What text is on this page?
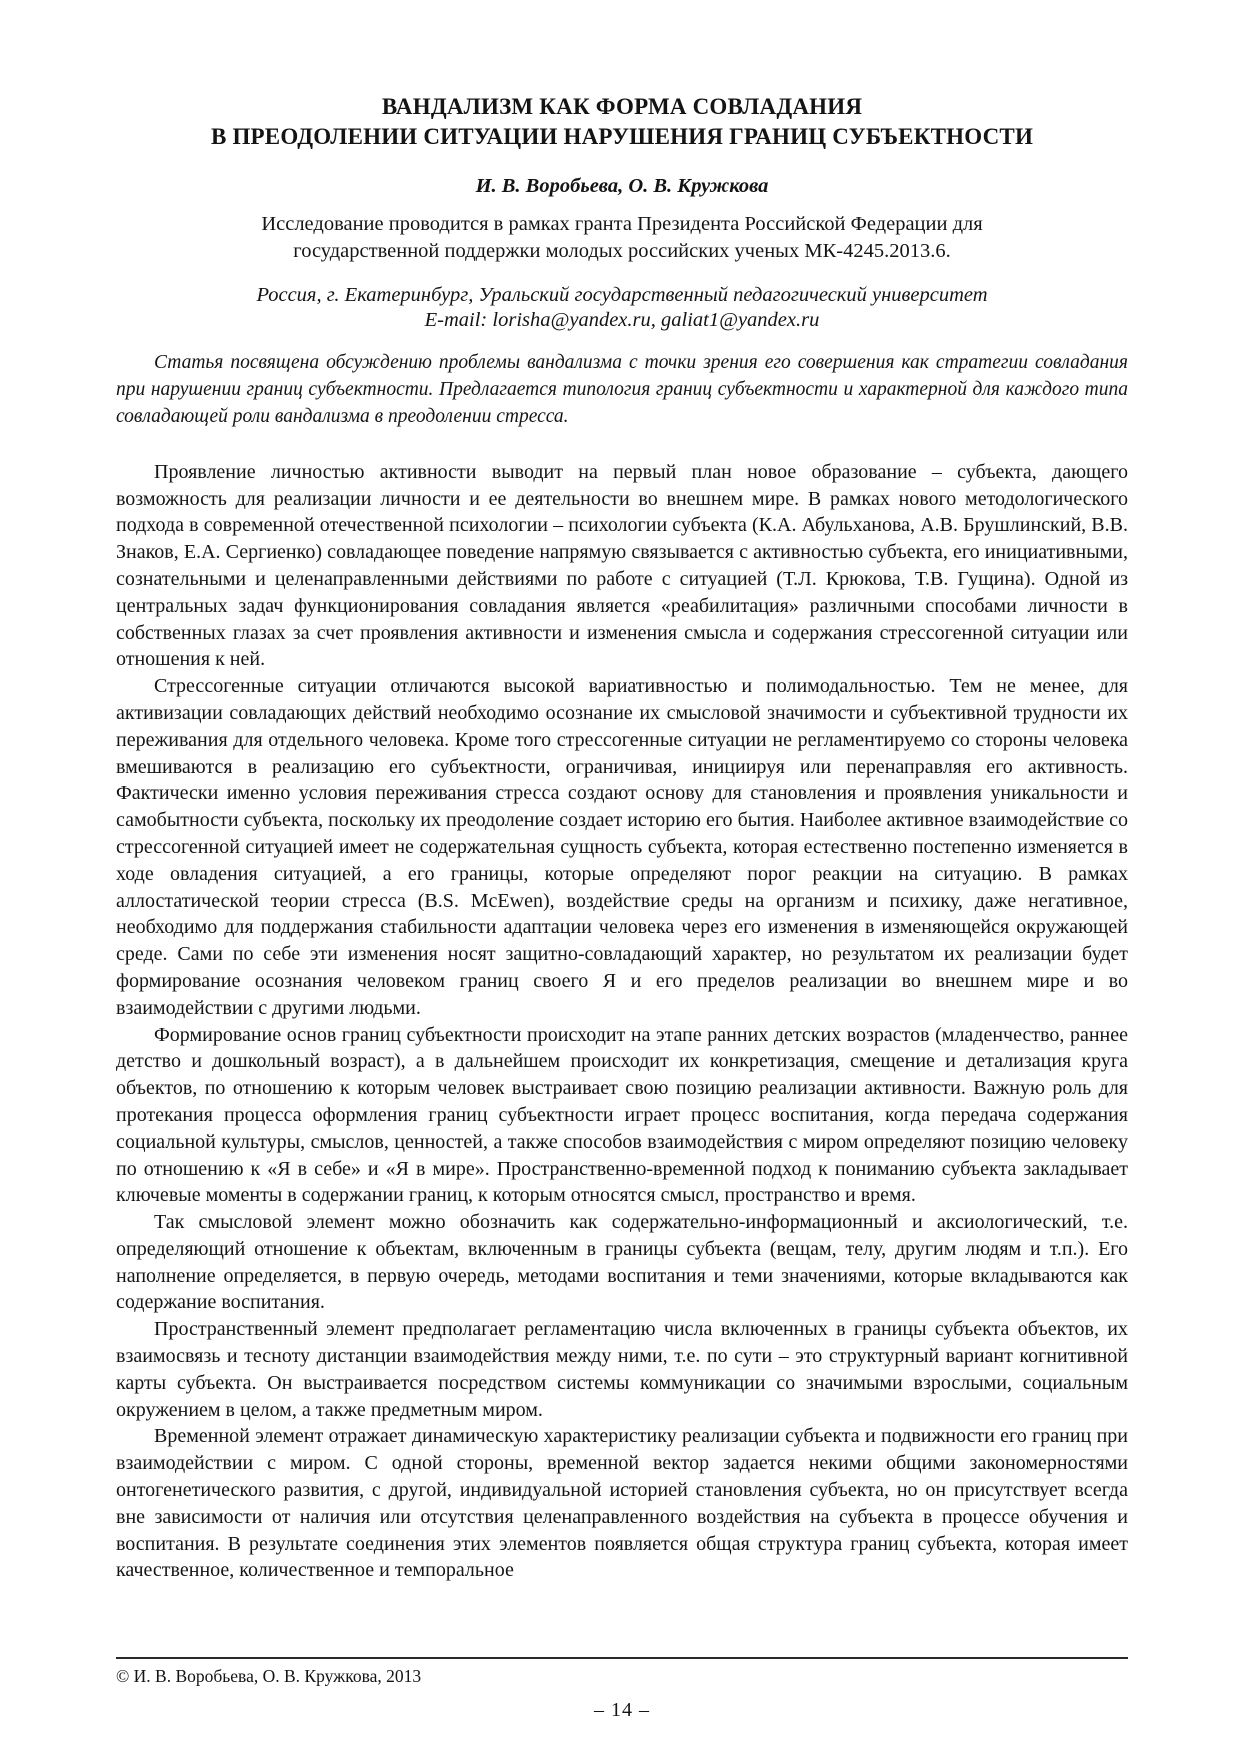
ВАНДАЛИЗМ КАК ФОРМА СОВЛАДАНИЯ
В ПРЕОДОЛЕНИИ СИТУАЦИИ НАРУШЕНИЯ ГРАНИЦ СУБЪЕКТНОСТИ
И. В. Воробьева, О. В. Кружкова
Исследование проводится в рамках гранта Президента Российской Федерации для государственной поддержки молодых российских ученых МК-4245.2013.6.
Россия, г. Екатеринбург, Уральский государственный педагогический университет
E-mail: lorisha@yandex.ru, galiat1@yandex.ru
Статья посвящена обсуждению проблемы вандализма с точки зрения его совершения как стратегии совладания при нарушении границ субъектности. Предлагается типология границ субъектности и характерной для каждого типа совладающей роли вандализма в преодолении стресса.

Проявление личностью активности выводит на первый план новое образование – субъекта, дающего возможность для реализации личности и ее деятельности во внешнем мире. В рамках нового методологического подхода в современной отечественной психологии – психологии субъекта (К.А. Абульханова, А.В. Брушлинский, В.В. Знаков, Е.А. Сергиенко) совладающее поведение напрямую связывается с активностью субъекта, его инициативными, сознательными и целенаправленными действиями по работе с ситуацией (Т.Л. Крюкова, Т.В. Гущина). Одной из центральных задач функционирования совладания является «реабилитация» различными способами личности в собственных глазах за счет проявления активности и изменения смысла и содержания стрессогенной ситуации или отношения к ней.

Стрессогенные ситуации отличаются высокой вариативностью и полимодальностью. Тем не менее, для активизации совладающих действий необходимо осознание их смысловой значимости и субъективной трудности их переживания для отдельного человека. Кроме того стрессогенные ситуации не регламентируемо со стороны человека вмешиваются в реализацию его субъектности, ограничивая, инициируя или перенаправляя его активность. Фактически именно условия переживания стресса создают основу для становления и проявления уникальности и самобытности субъекта, поскольку их преодоление создает историю его бытия. Наиболее активное взаимодействие со стрессогенной ситуацией имеет не содержательная сущность субъекта, которая естественно постепенно изменяется в ходе овладения ситуацией, а его границы, которые определяют порог реакции на ситуацию. В рамках аллостатической теории стресса (B.S. McEwen), воздействие среды на организм и психику, даже негативное, необходимо для поддержания стабильности адаптации человека через его изменения в изменяющейся окружающей среде. Сами по себе эти изменения носят защитно-совладающий характер, но результатом их реализации будет формирование осознания человеком границ своего Я и его пределов реализации во внешнем мире и во взаимодействии с другими людьми.

Формирование основ границ субъектности происходит на этапе ранних детских возрастов (младенчество, раннее детство и дошкольный возраст), а в дальнейшем происходит их конкретизация, смещение и детализация круга объектов, по отношению к которым человек выстраивает свою позицию реализации активности. Важную роль для протекания процесса оформления границ субъектности играет процесс воспитания, когда передача содержания социальной культуры, смыслов, ценностей, а также способов взаимодействия с миром определяют позицию человеку по отношению к «Я в себе» и «Я в мире». Пространственно-временной подход к пониманию субъекта закладывает ключевые моменты в содержании границ, к которым относятся смысл, пространство и время.

Так смысловой элемент можно обозначить как содержательно-информационный и аксиологический, т.е. определяющий отношение к объектам, включенным в границы субъекта (вещам, телу, другим людям и т.п.). Его наполнение определяется, в первую очередь, методами воспитания и теми значениями, которые вкладываются как содержание воспитания.

Пространственный элемент предполагает регламентацию числа включенных в границы субъекта объектов, их взаимосвязь и тесноту дистанции взаимодействия между ними, т.е. по сути – это структурный вариант когнитивной карты субъекта. Он выстраивается посредством системы коммуникации со значимыми взрослыми, социальным окружением в целом, а также предметным миром.

Временной элемент отражает динамическую характеристику реализации субъекта и подвижности его границ при взаимодействии с миром. С одной стороны, временной вектор задается некими общими закономерностями онтогенетического развития, с другой, индивидуальной историей становления субъекта, но он присутствует всегда вне зависимости от наличия или отсутствия целенаправленного воздействия на субъекта в процессе обучения и воспитания. В результате соединения этих элементов появляется общая структура границ субъекта, которая имеет качественное, количественное и темпоральное

© И. В. Воробьева, О. В. Кружкова, 2013
– 14 –
